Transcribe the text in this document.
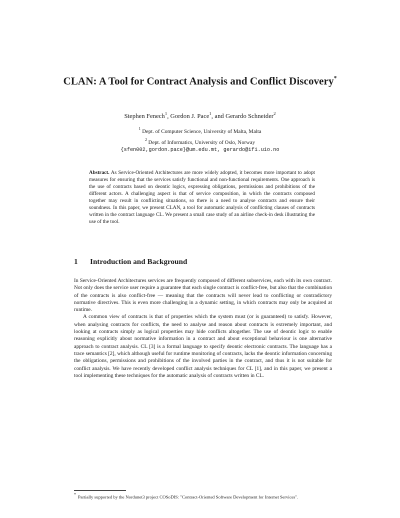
CLAN: A Tool for Contract Analysis and Conflict Discovery*
Stephen Fenech$^1$, Gordon J. Pace$^1$, and Gerardo Schneider$^2$
$^1$ Dept. of Computer Science, University of Malta, Malta
$^2$ Dept. of Informatics, University of Oslo, Norway
{sfen002,gordon.pace}@um.edu.mt, gerardo@ifi.uio.no
Abstract. As Service-Oriented Architectures are more widely adopted, it becomes more important to adopt measures for ensuring that the services satisfy functional and non-functional requirements. One approach is the use of contracts based on deontic logics, expressing obligations, permissions and prohibitions of the different actors. A challenging aspect is that of service composition, in which the contracts composed together may result in conflicting situations, so there is a need to analyse contracts and ensure their soundness. In this paper, we present CLAN, a tool for automatic analysis of conflicting clauses of contracts written in the contract language CL. We present a small case study of an airline check-in desk illustrating the use of the tool.
1 Introduction and Background

In Service-Oriented Architectures services are frequently composed of different subservices, each with its own contract. Not only does the service user require a guarantee that each single contract is conflict-free, but also that the combination of the contracts is also conflict-free — meaning that the contracts will never lead to conflicting or contradictory normative directives. This is even more challenging in a dynamic setting, in which contracts may only be acquired at runtime.

A common view of contracts is that of properties which the system must (or is guaranteed) to satisfy. However, when analysing contracts for conflicts, the need to analyse and reason about contracts is extremely important, and looking at contracts simply as logical properties may hide conflicts altogether. The use of deontic logic to enable reasoning explicitly about normative information in a contract and about exceptional behaviour is one alternative approach to contract analysis. CL [3] is a formal language to specify deontic electronic contracts. The language has a trace semantics [2], which although useful for runtime monitoring of contracts, lacks the deontic information concerning the obligations, permissions and prohibitions of the involved parties in the contract, and thus it is not suitable for conflict analysis. We have recently developed conflict analysis techniques for CL [1], and in this paper, we present a tool implementing these techniques for the automatic analysis of contracts written in CL.

* Partially supported by the Nordunet3 project COSoDIS: "Contract-Oriented Software Development for Internet Services".
